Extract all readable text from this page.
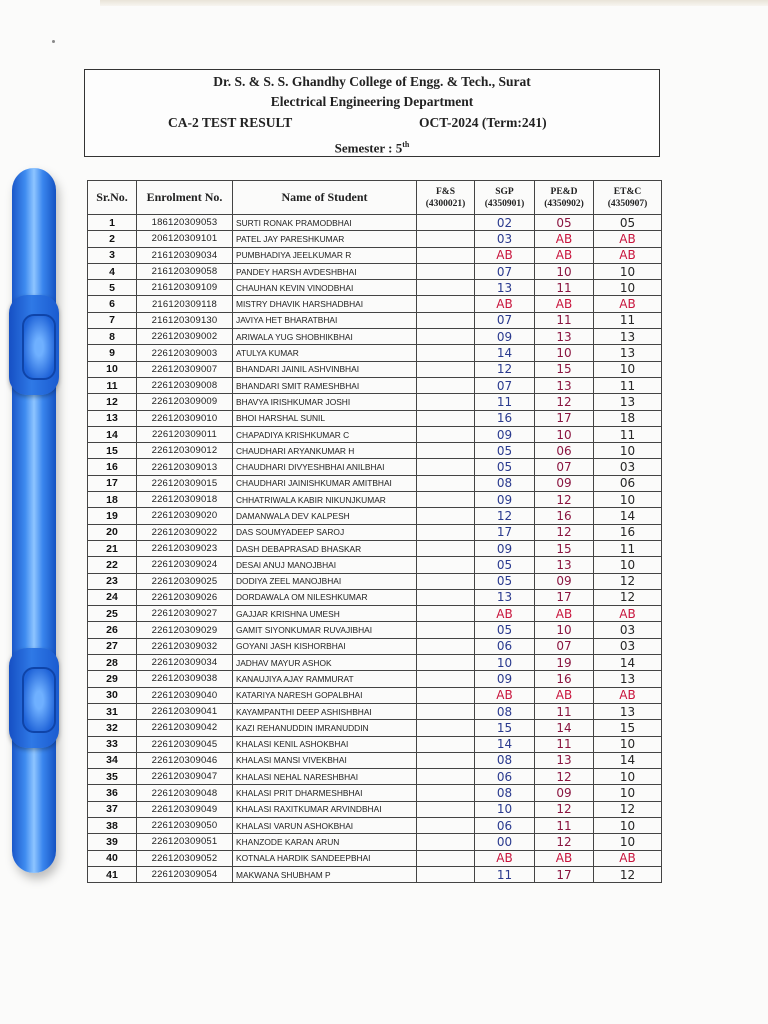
Dr. S. & S. S. Ghandhy College of Engg. & Tech., Surat
Electrical Engineering Department
CA-2 TEST RESULT	OCT-2024 (Term:241)
Semester : 5th
Sr.No.	Enrolment No.	Name of Student	F&S (4300021)	SGP (4350901)	PE&D (4350902)	ET&C (4350907)
1	186120309053	SURTI RONAK PRAMODBHAI		02	05	05
2	206120309101	PATEL JAY PARESHKUMAR		03	AB	AB
3	216120309034	PUMBHADIYA JEELKUMAR R		AB	AB	AB
4	216120309058	PANDEY HARSH AVDESHBHAI		07	10	10
5	216120309109	CHAUHAN KEVIN VINODBHAI		13	11	10
6	216120309118	MISTRY DHAVIK HARSHADBHAI		AB	AB	AB
7	216120309130	JAVIYA HET BHARATBHAI		07	11	11
8	226120309002	ARIWALA YUG SHOBHIKBHAI		09	13	13
9	226120309003	ATULYA KUMAR		14	10	13
10	226120309007	BHANDARI JAINIL ASHVINBHAI		12	15	10
11	226120309008	BHANDARI SMIT RAMESHBHAI		07	13	11
12	226120309009	BHAVYA IRISHKUMAR JOSHI		11	12	13
13	226120309010	BHOI HARSHAL SUNIL		16	17	18
14	226120309011	CHAPADIYA KRISHKUMAR C		09	10	11
15	226120309012	CHAUDHARI ARYANKUMAR H		05	06	10
16	226120309013	CHAUDHARI DIVYESHBHAI ANILBHAI		05	07	03
17	226120309015	CHAUDHARI JAINISHKUMAR AMITBHAI		08	09	06
18	226120309018	CHHATRIWALA KABIR NIKUNJKUMAR		09	12	10
19	226120309020	DAMANWALA DEV KALPESH		12	16	14
20	226120309022	DAS SOUMYADEEP SAROJ		17	12	16
21	226120309023	DASH DEBAPRASAD BHASKAR		09	15	11
22	226120309024	DESAI ANUJ MANOJBHAI		05	13	10
23	226120309025	DODIYA ZEEL MANOJBHAI		05	09	12
24	226120309026	DORDAWALA OM NILESHKUMAR		13	17	12
25	226120309027	GAJJAR KRISHNA UMESH		AB	AB	AB
26	226120309029	GAMIT SIYONKUMAR RUVAJIBHAI		05	10	03
27	226120309032	GOYANI JASH KISHORBHAI		06	07	03
28	226120309034	JADHAV MAYUR ASHOK		10	19	14
29	226120309038	KANAUJIYA AJAY RAMMURAT		09	16	13
30	226120309040	KATARIYA NARESH GOPALBHAI		AB	AB	AB
31	226120309041	KAYAMPANTHI DEEP ASHISHBHAI		08	11	13
32	226120309042	KAZI REHANUDDIN IMRANUDDIN		15	14	15
33	226120309045	KHALASI KENIL ASHOKBHAI		14	11	10
34	226120309046	KHALASI MANSI VIVEKBHAI		08	13	14
35	226120309047	KHALASI NEHAL NARESHBHAI		06	12	10
36	226120309048	KHALASI PRIT DHARMESHBHAI		08	09	10
37	226120309049	KHALASI RAXITKUMAR ARVINDBHAI		10	12	12
38	226120309050	KHALASI VARUN ASHOKBHAI		06	11	10
39	226120309051	KHANZODE KARAN ARUN		00	12	10
40	226120309052	KOTNALA HARDIK SANDEEPBHAI		AB	AB	AB
41	226120309054	MAKWANA SHUBHAM P		11	17	12
